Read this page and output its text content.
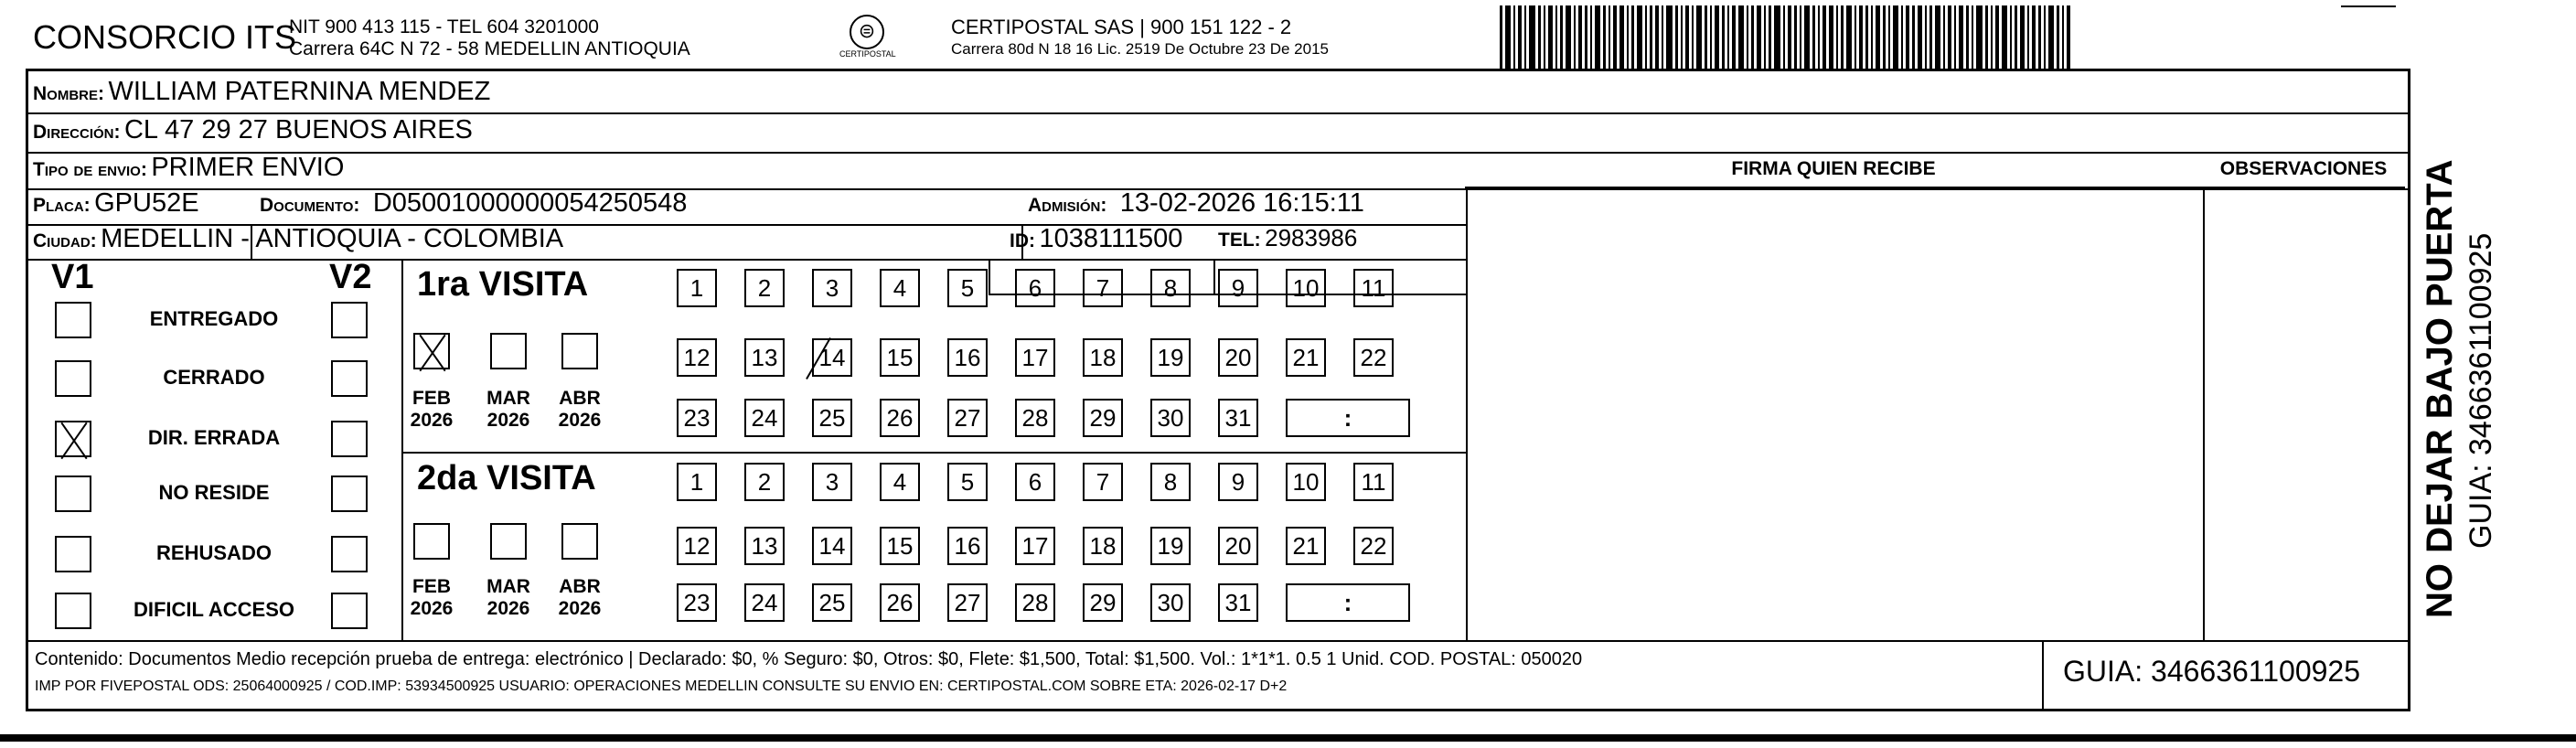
CONSORCIO ITS
NIT 900 413 115 - TEL 604 3201000
Carrera 64C N 72 - 58 MEDELLIN ANTIOQUIA
⊜
CERTIPOSTAL
CERTIPOSTAL SAS | 900 151 122 - 2
Carrera 80d N 18 16 Lic. 2519 De Octubre 23 De 2015
Nombre: WILLIAM PATERNINA MENDEZ
Dirección: CL 47 29 27 BUENOS AIRES
Tipo de envio: PRIMER ENVIO
Placa: GPU52E	Documento: D05001000000054250548	Admisión: 13-02-2026 16:15:11
Ciudad: MEDELLIN - ANTIOQUIA - COLOMBIA	ID: 1038111500 TEL: 2983986
FIRMA QUIEN RECIBE	OBSERVACIONES
V1	V2
ENTREGADO
CERRADO
DIR. ERRADA
NO RESIDE
REHUSADO
DIFICIL ACCESO
1ra VISITA
2da VISITA
FEB
2026
MAR
2026
ABR
2026
1	2	3	4	5	6	7	8	9	10	11
12 13 14 15 16 17 18 19 20 21 22
23 24 25 26 27 28 29 30 31	:
FEB
2026
MAR
2026
ABR
2026
1	2	3	4	5	6	7	8	9	10	11
12 13 14 15 16 17 18 19 20 21 22
23 24 25 26 27 28 29 30 31	:
Contenido: Documentos Medio recepción prueba de entrega: electrónico | Declarado: $0, % Seguro: $0, Otros: $0, Flete: $1,500, Total: $1,500. Vol.: 1*1*1. 0.5 1 Unid. COD. POSTAL: 050020
IMP POR FIVEPOSTAL ODS: 25064000925 / COD.IMP: 53934500925 USUARIO: OPERACIONES MEDELLIN CONSULTE SU ENVIO EN: CERTIPOSTAL.COM SOBRE ETA: 2026-02-17 D+2	GUIA: 3466361100925
NO DEJAR BAJO PUERTA GUIA: 3466361100925
